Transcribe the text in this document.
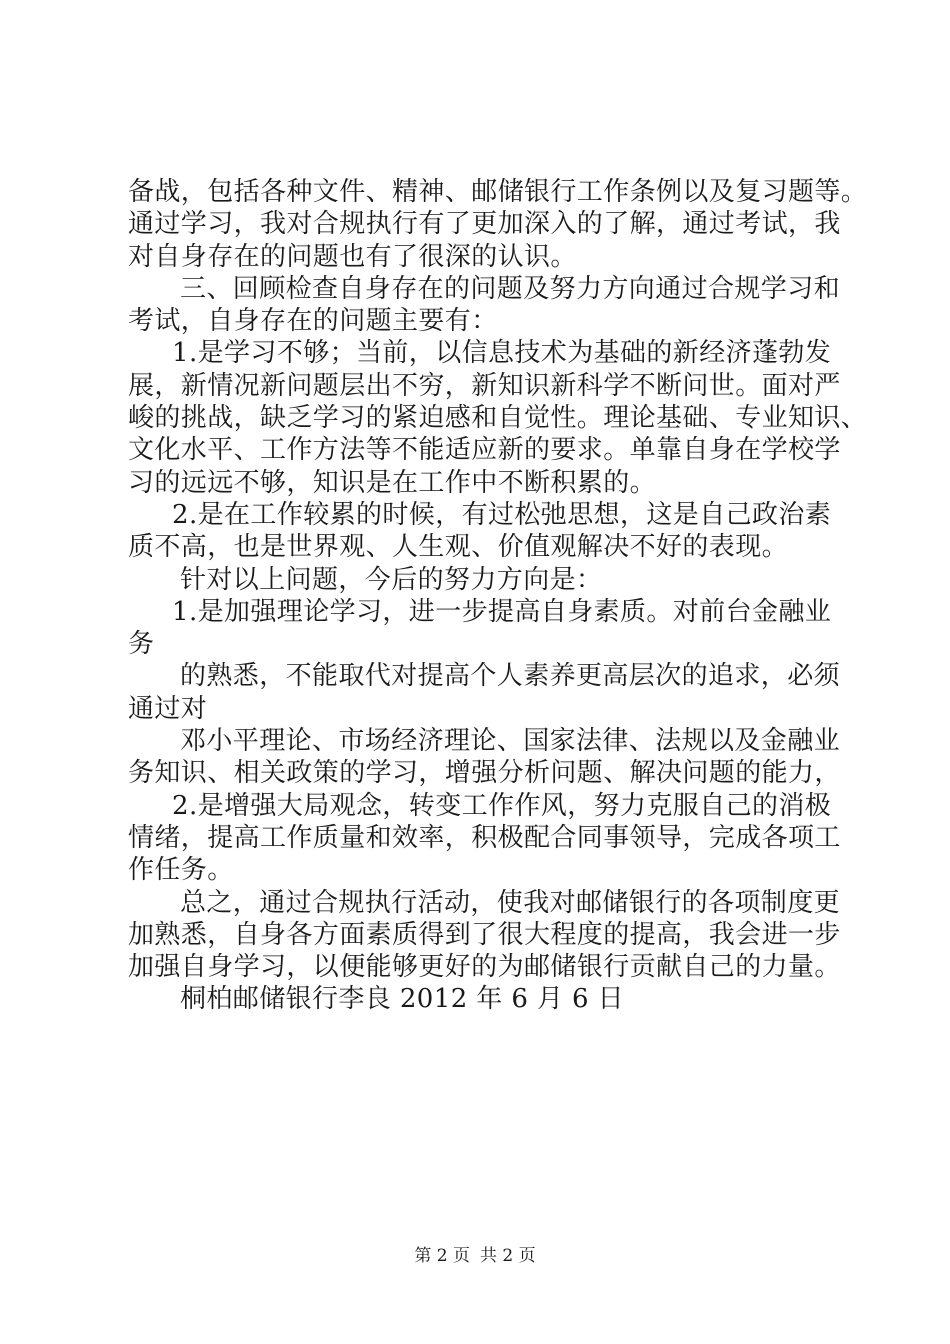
备战，包括各种文件、精神、邮储银行工作条例以及复习题等。
通过学习，我对合规执行有了更加深入的了解，通过考试，我
对自身存在的问题也有了很深的认识。
三、回顾检查自身存在的问题及努力方向通过合规学习和
考试，自身存在的问题主要有：
1.是学习不够；当前，以信息技术为基础的新经济蓬勃发
展，新情况新问题层出不穷，新知识新科学不断问世。面对严
峻的挑战，缺乏学习的紧迫感和自觉性。理论基础、专业知识、
文化水平、工作方法等不能适应新的要求。单靠自身在学校学
习的远远不够，知识是在工作中不断积累的。
2.是在工作较累的时候，有过松弛思想，这是自己政治素
质不高，也是世界观、人生观、价值观解决不好的表现。
针对以上问题，今后的努力方向是：
1.是加强理论学习，进一步提高自身素质。对前台金融业
务
的熟悉，不能取代对提高个人素养更高层次的追求，必须
通过对
邓小平理论、市场经济理论、国家法律、法规以及金融业
务知识、相关政策的学习，增强分析问题、解决问题的能力，
2.是增强大局观念，转变工作作风，努力克服自己的消极
情绪，提高工作质量和效率，积极配合同事领导，完成各项工
作任务。
总之，通过合规执行活动，使我对邮储银行的各项制度更
加熟悉，自身各方面素质得到了很大程度的提高，我会进一步
加强自身学习，以便能够更好的为邮储银行贡献自己的力量。
桐柏邮储银行李良 2012 年 6 月 6 日
第 2 页 共 2 页
